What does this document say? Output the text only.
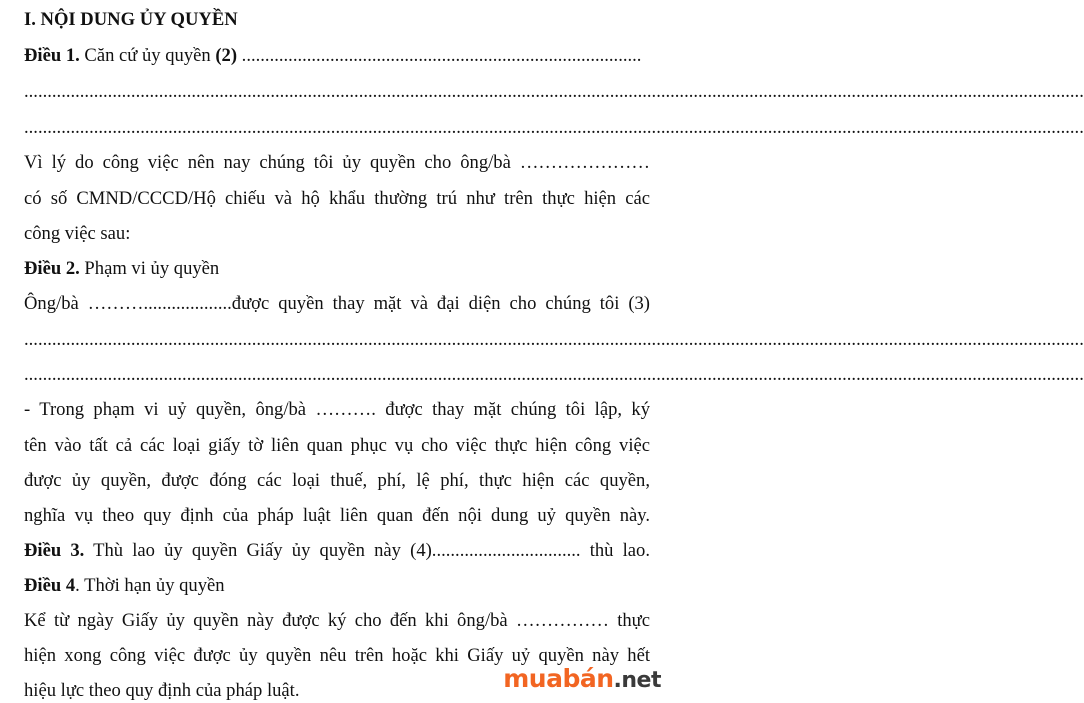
I. NỘI DUNG ỦY QUYỀN
Điều 1. Căn cứ ủy quyền (2) ......................................................................................
....................................................................................................................................................................................................................................
....................................................................................................................................................................................................................................
Vì lý do công việc nên nay chúng tôi ủy quyền cho ông/bà …………………
có số CMND/CCCD/Hộ chiếu và hộ khẩu thường trú như trên thực hiện các
công việc sau:
Điều 2. Phạm vi ủy quyền
Ông/bà ………...................được quyền thay mặt và đại diện cho chúng tôi (3)
....................................................................................................................................................................................................................................
....................................................................................................................................................................................................................................
- Trong phạm vi uỷ quyền, ông/bà ………. được thay mặt chúng tôi lập, ký
tên vào tất cả các loại giấy tờ liên quan phục vụ cho việc thực hiện công việc
được ủy quyền, được đóng các loại thuế, phí, lệ phí, thực hiện các quyền,
nghĩa vụ theo quy định của pháp luật liên quan đến nội dung uỷ quyền này.
Điều 3. Thù lao ủy quyền Giấy ủy quyền này (4)................................ thù lao.
Điều 4. Thời hạn ủy quyền
Kể từ ngày Giấy ủy quyền này được ký cho đến khi ông/bà …………… thực
hiện xong công việc được ủy quyền nêu trên hoặc khi Giấy uỷ quyền này hết
hiệu lực theo quy định của pháp luật.	muabán.net
